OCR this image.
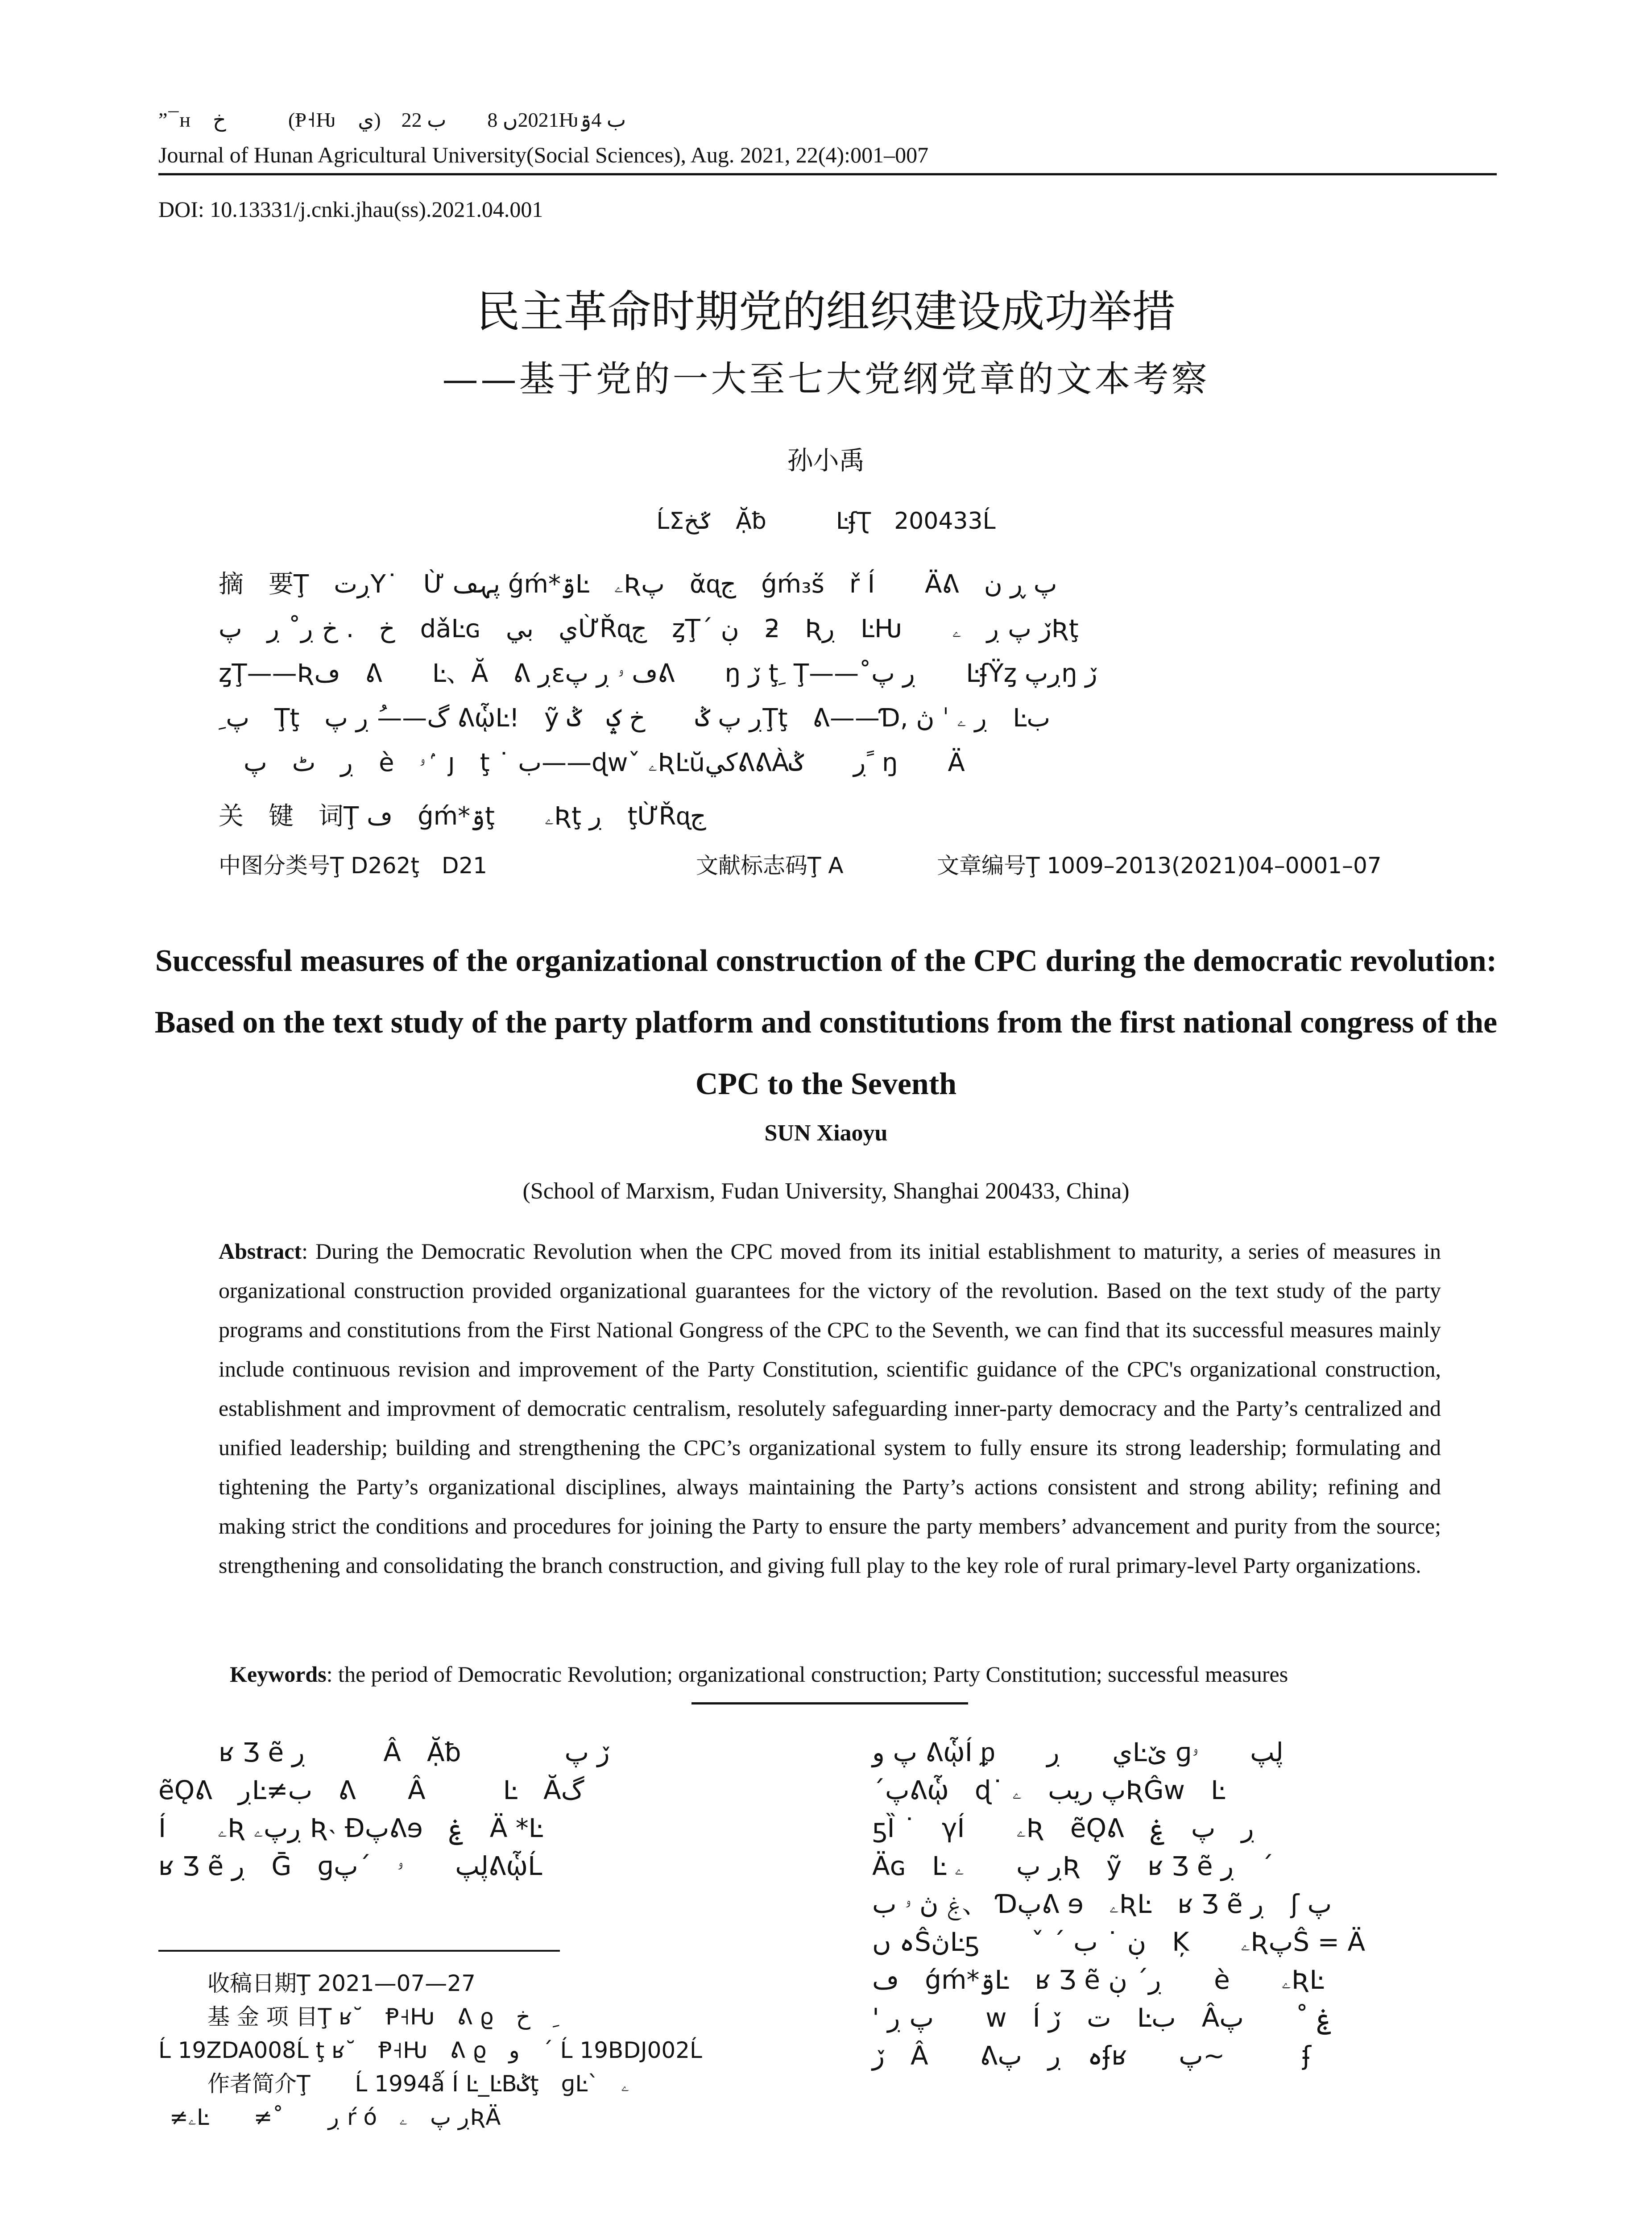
”¯ʜ　خ　　ُ (Ᵽ˧Ƕ　ي)　2021ں 8　　ب 22Ƕب 4ۊ
Journal of Hunan Agricultural University(Social Sciences), Aug. 2021, 22(4):001–007
DOI: 10.13331/j.cnki.jhau(ss).2021.04.001
民主革命时期党的组织建设成功举措
——基于党的一大至七大党纲党章的文本考察
孙小禹
ĹΣػخ　Ặƀ　　　ĿʄƮ　200433Ĺ
摘　要Ţ　ڔتY˙　Ừ پہڡ ǵḿ*ۊĿ　ۦƦپ　ᾰᶐج　ǵḿ₃ṥ　ř Í　　Äᕕ　پ ڕ ن
خ　. خ ڔ˚ ڔ　پ　dǎĿɢ　ي　بيỪŘᶐج　ȥŢ΄ ڹ　ƻ　Ʀڔ　ĿǶ　　ڒ پ ڔ　ۦƦţ
ȥŢ——Ʀڡ　ᕕ　　Ŀ、Ă　ᕕ ڔɛڡ ۥ ڔ پᕕ　　ŋ ڒ ţ ِ Ţ——˚ڔ پ　　ĿʄŸȥ ڔپŋ ڒ
ِ پ　Ţţ　گ——ُ ڔ پ ᕕᾧĿ!　ỹ ڔ پ ݣ　　خ ݤ　ݣŢţ　ᕕ——Ɗ, ڔ ۦ ˈ ڽ　Ŀب
　ڔ　ٹ　پ　è　ۥ ۢ ȷ　ţ ˙ ب——ɖwˇ ۦƦĿŭکيᕕᕕÀڔ　　ݣ ً ŋ　　Ä
关　键　词Ţ ڡ　ǵḿ*ۊţ　　ۦƦţ ڔ　ţỪŘᶐج
中图分类号Ţ D262ţ　D21	文献标志码Ţ A	文章编号Ţ 1009–2013(2021)04–0001–07
Successful measures of the organizational construction of the CPC during the democratic revolution: Based on the text study of the party platform and constitutions from the first national congress of the CPC to the Seventh
SUN Xiaoyu
(School of Marxism, Fudan University, Shanghai 200433, China)
Abstract: During the Democratic Revolution when the CPC moved from its initial establishment to maturity, a series of measures in organizational construction provided organizational guarantees for the victory of the revolution. Based on the text study of the party programs and constitutions from the First National Gongress of the CPC to the Seventh, we can find that its successful measures mainly include continuous revision and improvement of the Party Constitution, scientific guidance of the CPC's organizational construction, establishment and improvment of democratic centralism, resolutely safeguarding inner-party democracy and the Party’s centralized and unified leadership; building and strengthening the CPC’s organizational system to fully ensure its strong leadership; formulating and tightening the Party’s organizational disciplines, always maintaining the Party’s actions consistent and strong ability; refining and making strict the conditions and procedures for joining the Party to ensure the party members’ advancement and purity from the source; strengthening and consolidating the branch construction, and giving full play to the key role of rural primary-level Party organizations.

Keywords: the period of Democratic Revolution; organizational construction; Party Constitution; successful measures

ʁ Ʒ ẽ ڔ　　　Â　Ặƀ　　　　ڒ پ
ẽǪᕕ　ڔĿ≠ب　ᕕ　　Â　　　Ŀ　Ăگ
Í　　ۦƦ ڔپۦ Ʀ˴ Ɖپᕕɘ　ۼ　Ä *Ŀ
ʁ Ʒ ẽ ڔ　Ḡ　ɡڸپ　　ۥ　ˊپᕕᾧĹ
收稿日期Ţ 2021—07—27
基 金 项 目Ţ ʁ˘　Ᵽ˧Ƕ　ᕕ ϱ　خ　　ِ
Ĺ 19ZDA008Ĺ ţ ʁ˘　Ᵽ˧Ƕ　ᕕ ϱ　و　ˊ Ĺ 19BDJ002Ĺ
作者简介Ţ　　Ĺ 1994ǻ Í Ŀ_ĿBݣţ　ɡĿ`　ۦ
≠ۦĿ　　≠˚　　ڔ ŕ ó　ڔ پ　ۦƦÄ
پ و ᕕᾧÍ ᵱ　　ي　　ڔĿێ ɡڸپ　　ۥ
ˊپᕕᾧ　ɖ˙ پ ريب　ۦƦĜw　Ŀ
ƽȈ ˙　γÍ　　ۦƦ　ẽǪᕕ　ڔ　پ　ۼ
Äɢ　Ŀ ڔ پ　　ۦƦ　ỹ　ʁ Ʒ ẽ ڔ　ˊ
ۼ ڽ ۥ ب、 Ɗپᕕ ɘ　ۦƦĿ　ʁ Ʒ ẽ ڔ　ʃ پ
ہ ںŜڽĿƽ　　ˇ ˊ ڹ ˙ ب　Ķ　　ۦƦپŜ = Ä
ڡ　ǵḿ*ۊĿ　ʁ Ʒ ẽ ڔ΄ ڹ　　è　　ۦƦĿ
' پ ڔ　　w　Í ت　ڒ　Ŀب　Âۼ ˚　　پ
ڒ　Â　　ᕕہ　ڔ　پʄʁ　　پ~　　　ʄ
